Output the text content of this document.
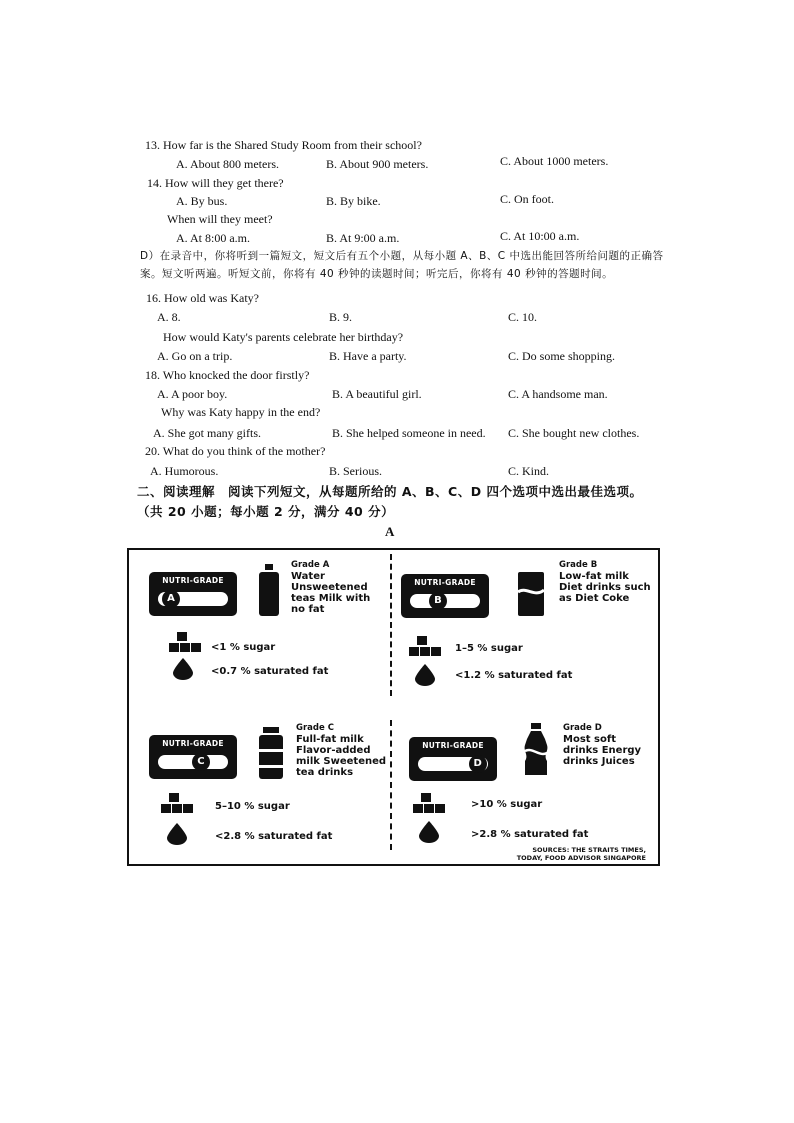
13. How far is the Shared Study Room from their school?
A. About 800 meters.	B. About 900 meters.	C. About 1000 meters.
14. How will they get there?
A. By bus.	B. By bike.	C. On foot.
When will they meet?
A. At 8:00 a.m.	B. At 9:00 a.m.	C. At 10:00 a.m.
D）在录音中，你将听到一篇短文，短文后有五个小题，从每小题 A、B、C 中选出能回答所给问题的正确答
案。短文听两遍。听短文前，你将有 40 秒钟的读题时间；听完后，你将有 40 秒钟的答题时间。
16. How old was Katy?
A. 8.	B. 9.	C. 10.
How would Katy's parents celebrate her birthday?
A. Go on a trip.	B. Have a party.	C. Do some shopping.
18. Who knocked the door firstly?
A. A poor boy.	B. A beautiful girl.	C. A handsome man.
Why was Katy happy in the end?
A. She got many gifts.	B. She helped someone in need. C. She bought new clothes.
20. What do you think of the mother?
A. Humorous.	B. Serious.	C. Kind.
二、阅读理解　阅读下列短文，从每题所给的 A、B、C、D 四个选项中选出最佳选项。
（共 20 小题；每小题 2 分，满分 40 分）
A
NUTRI-GRADE
A
Grade A
Water Unsweetened teas Milk with no fat
<1 % sugar
<0.7 % saturated fat
NUTRI-GRADE
B
Grade B
Low-fat milk Diet drinks such as Diet Coke
1–5 % sugar
<1.2 % saturated fat
NUTRI-GRADE
C
Grade C
Full-fat milk Flavor-added milk Sweetened tea drinks
5–10 % sugar
<2.8 % saturated fat
NUTRI-GRADE
D
Grade D
Most soft drinks Energy drinks Juices
>10 % sugar
>2.8 % saturated fat
SOURCES: THE STRAITS TIMES,
TODAY, FOOD ADVISOR SINGAPORE
